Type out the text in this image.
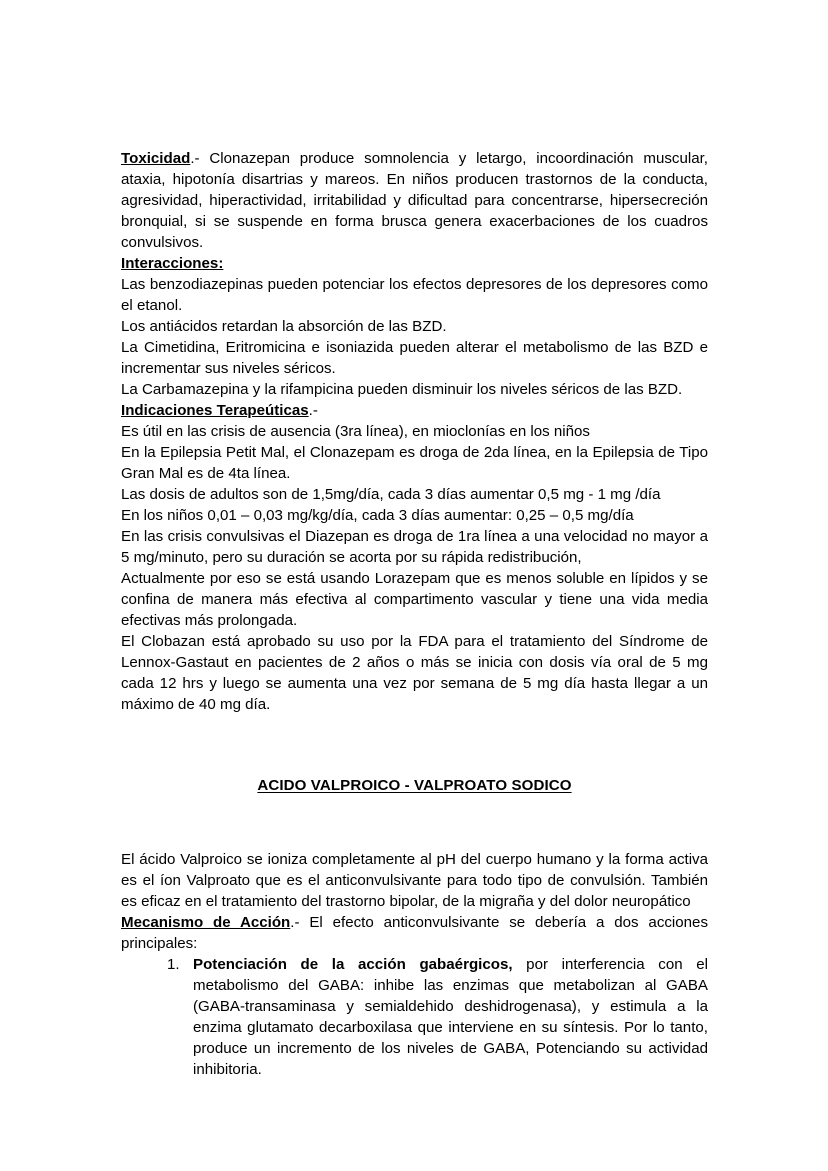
Toxicidad.- Clonazepan produce somnolencia y letargo, incoordinación muscular, ataxia, hipotonía disartrias y mareos. En niños producen trastornos de la conducta, agresividad, hiperactividad, irritabilidad y dificultad para concentrarse, hipersecreción bronquial, si se suspende en forma brusca genera exacerbaciones de los cuadros convulsivos.

Interacciones:

Las benzodiazepinas pueden potenciar los efectos depresores de los depresores como el etanol.

Los antiácidos retardan la absorción de las BZD.

La Cimetidina, Eritromicina e isoniazida pueden alterar el metabolismo de las BZD e incrementar sus niveles séricos.

La Carbamazepina y la rifampicina pueden disminuir los niveles séricos de las BZD.

Indicaciones Terapeúticas.-

Es útil en las crisis de ausencia (3ra línea), en mioclonías en los niños

En la Epilepsia Petit Mal, el Clonazepam es droga de 2da línea, en la Epilepsia de Tipo Gran Mal es de 4ta línea.

Las dosis de adultos son de 1,5mg/día, cada 3 días aumentar 0,5 mg - 1 mg /día

En los niños 0,01 – 0,03 mg/kg/día, cada 3 días aumentar: 0,25 – 0,5 mg/día

En las crisis convulsivas el Diazepan es droga de 1ra línea a una velocidad no mayor a 5 mg/minuto, pero su duración se acorta por su rápida redistribución,

Actualmente por eso se está usando Lorazepam que es menos soluble en lípidos y se confina de manera más efectiva al compartimento vascular y tiene una vida media efectivas más prolongada.

El Clobazan está aprobado su uso por la FDA para el tratamiento del Síndrome de Lennox-Gastaut en pacientes de 2 años o más se inicia con dosis vía oral de 5 mg cada 12 hrs y luego se aumenta una vez por semana de 5 mg día hasta llegar a un máximo de 40 mg día.

ACIDO VALPROICO - VALPROATO SODICO

El ácido Valproico se ioniza completamente al pH del cuerpo humano y la forma activa es el íon Valproato que es el anticonvulsivante para todo tipo de convulsión. También es eficaz en el tratamiento del trastorno bipolar, de la migraña y del dolor neuropático

Mecanismo de Acción.- El efecto anticonvulsivante se debería a dos acciones principales:

1. Potenciación de la acción gabaérgicos, por interferencia con el metabolismo del GABA: inhibe las enzimas que metabolizan al GABA (GABA-transaminasa y semialdehido deshidrogenasa), y estimula a la enzima glutamato decarboxilasa que interviene en su síntesis. Por lo tanto, produce un incremento de los niveles de GABA, Potenciando su actividad inhibitoria.
